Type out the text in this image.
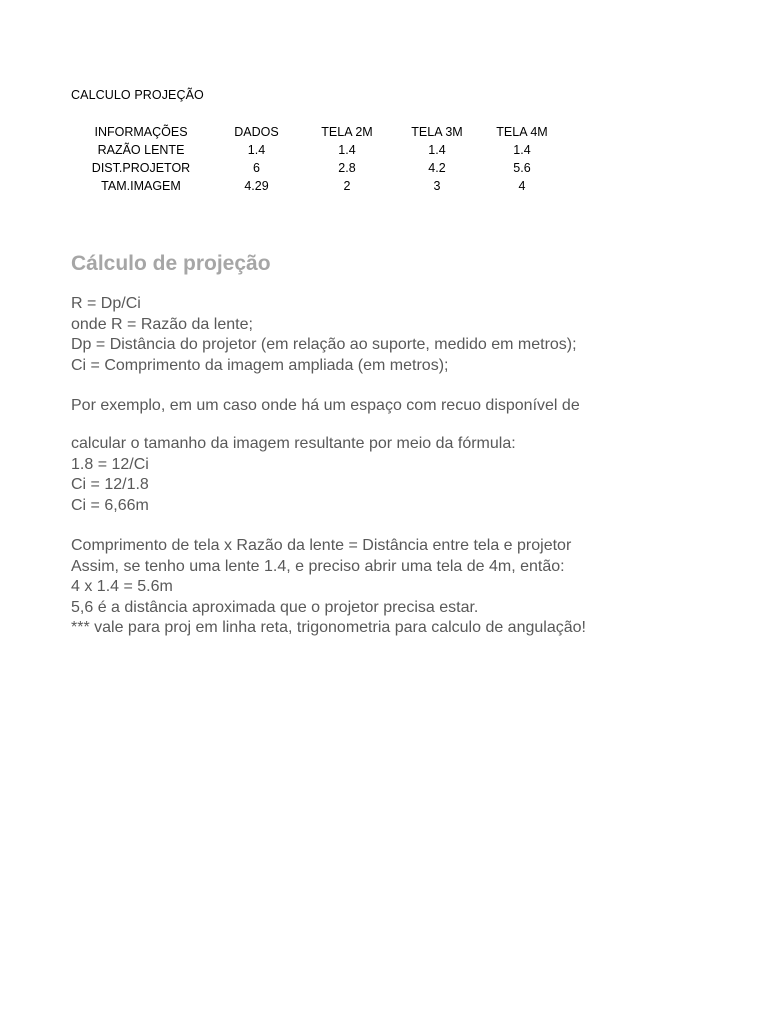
CALCULO PROJEÇÃO
INFORMAÇÕES	DADOS	TELA 2M	TELA 3M	TELA 4M
RAZÃO LENTE	1.4	1.4	1.4	1.4
DIST.PROJETOR	6	2.8	4.2	5.6
TAM.IMAGEM	4.29	2	3	4
Cálculo de projeção
R = Dp/Ci
onde R = Razão da lente;
Dp = Distância do projetor (em relação ao suporte, medido em metros);
Ci = Comprimento da imagem ampliada (em metros);
Por exemplo, em um caso onde há um espaço com recuo disponível de
calcular o tamanho da imagem resultante por meio da fórmula:
1.8 = 12/Ci
Ci = 12/1.8
Ci = 6,66m
Comprimento de tela x Razão da lente = Distância entre tela e projetor
Assim, se tenho uma lente 1.4, e preciso abrir uma tela de 4m, então:
4 x 1.4 = 5.6m
5,6 é a distância aproximada que o projetor precisa estar.
*** vale para proj em linha reta, trigonometria para calculo de angulação!
